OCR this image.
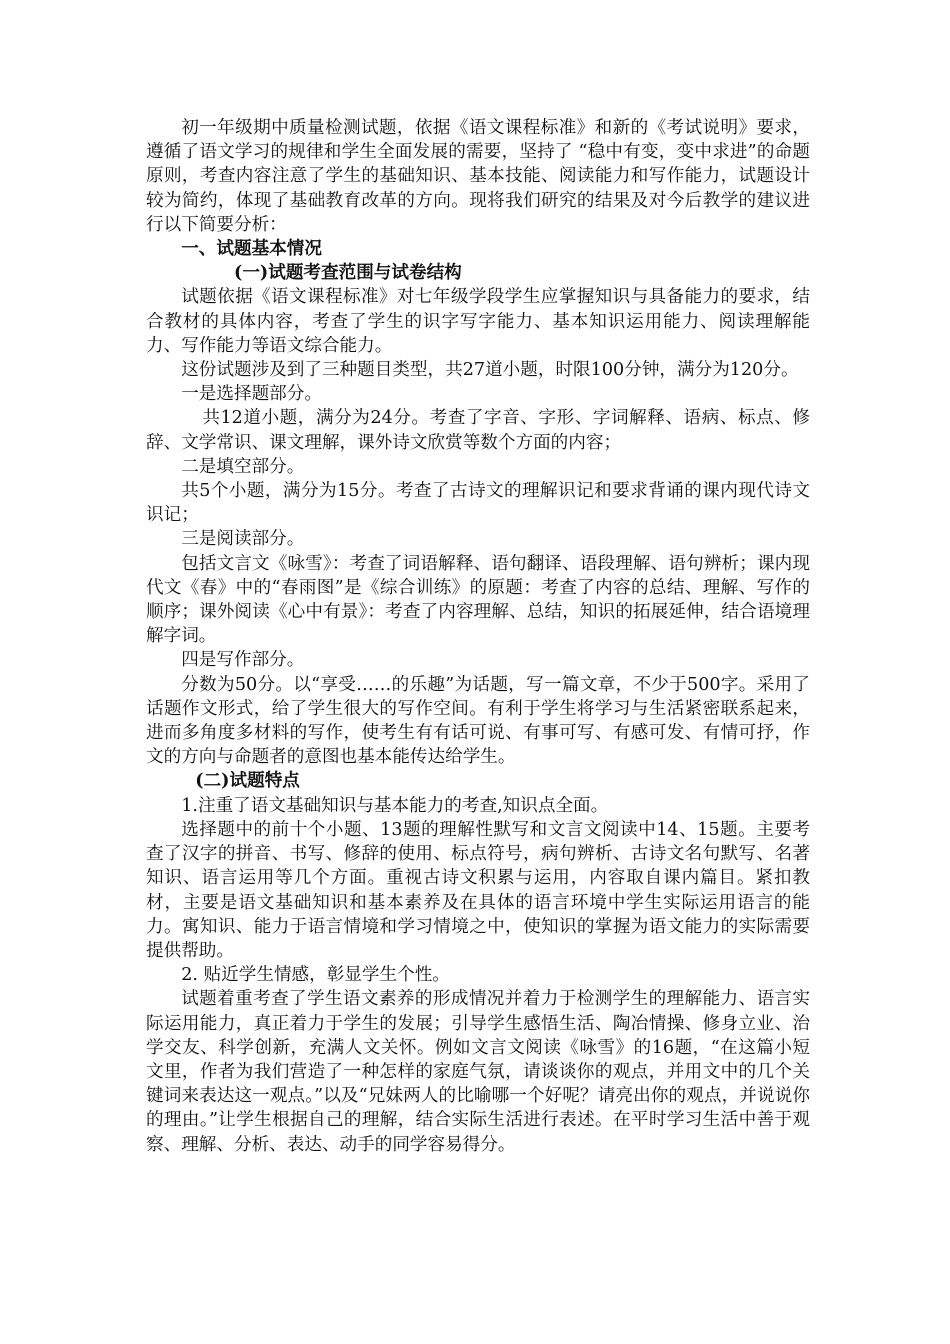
初一年级期中质量检测试题，依据《语文课程标准》和新的《考试说明》要求，遵循了语文学习的规律和学生全面发展的需要，坚持了 “稳中有变，变中求进”的命题原则，考查内容注意了学生的基础知识、基本技能、阅读能力和写作能力，试题设计较为简约，体现了基础教育改革的方向。现将我们研究的结果及对今后教学的建议进行以下简要分析：

一、试题基本情况

(一)试题考查范围与试卷结构

试题依据《语文课程标准》对七年级学段学生应掌握知识与具备能力的要求，结合教材的具体内容，考查了学生的识字写字能力、基本知识运用能力、阅读理解能力、写作能力等语文综合能力。

这份试题涉及到了三种题目类型，共27道小题，时限100分钟，满分为120分。

一是选择题部分。

共12道小题，满分为24分。考查了字音、字形、字词解释、语病、标点、修辞、文学常识、课文理解，课外诗文欣赏等数个方面的内容；

二是填空部分。

共5个小题，满分为15分。考查了古诗文的理解识记和要求背诵的课内现代诗文识记；

三是阅读部分。

包括文言文《咏雪》：考查了词语解释、语句翻译、语段理解、语句辨析；课内现代文《春》中的“春雨图”是《综合训练》的原题：考查了内容的总结、理解、写作的顺序；课外阅读《心中有景》：考查了内容理解、总结，知识的拓展延伸，结合语境理解字词。

四是写作部分。

分数为50分。以“享受……的乐趣”为话题，写一篇文章，不少于500字。采用了话题作文形式，给了学生很大的写作空间。有利于学生将学习与生活紧密联系起来，进而多角度多材料的写作，使考生有有话可说、有事可写、有感可发、有情可抒，作文的方向与命题者的意图也基本能传达给学生。

(二)试题特点

1.注重了语文基础知识与基本能力的考查,知识点全面。

选择题中的前十个小题、13题的理解性默写和文言文阅读中14、15题。主要考查了汉字的拼音、书写、修辞的使用、标点符号，病句辨析、古诗文名句默写、名著知识、语言运用等几个方面。重视古诗文积累与运用，内容取自课内篇目。紧扣教材，主要是语文基础知识和基本素养及在具体的语言环境中学生实际运用语言的能力。寓知识、能力于语言情境和学习情境之中，使知识的掌握为语文能力的实际需要提供帮助。

2. 贴近学生情感，彰显学生个性。

试题着重考查了学生语文素养的形成情况并着力于检测学生的理解能力、语言实际运用能力，真正着力于学生的发展；引导学生感悟生活、陶冶情操、修身立业、治学交友、科学创新，充满人文关怀。例如文言文阅读《咏雪》的16题，“在这篇小短文里，作者为我们营造了一种怎样的家庭气氛，请谈谈你的观点，并用文中的几个关键词来表达这一观点。”以及“兄妹两人的比喻哪一个好呢？请亮出你的观点，并说说你的理由。”让学生根据自己的理解，结合实际生活进行表述。在平时学习生活中善于观察、理解、分析、表达、动手的同学容易得分。
